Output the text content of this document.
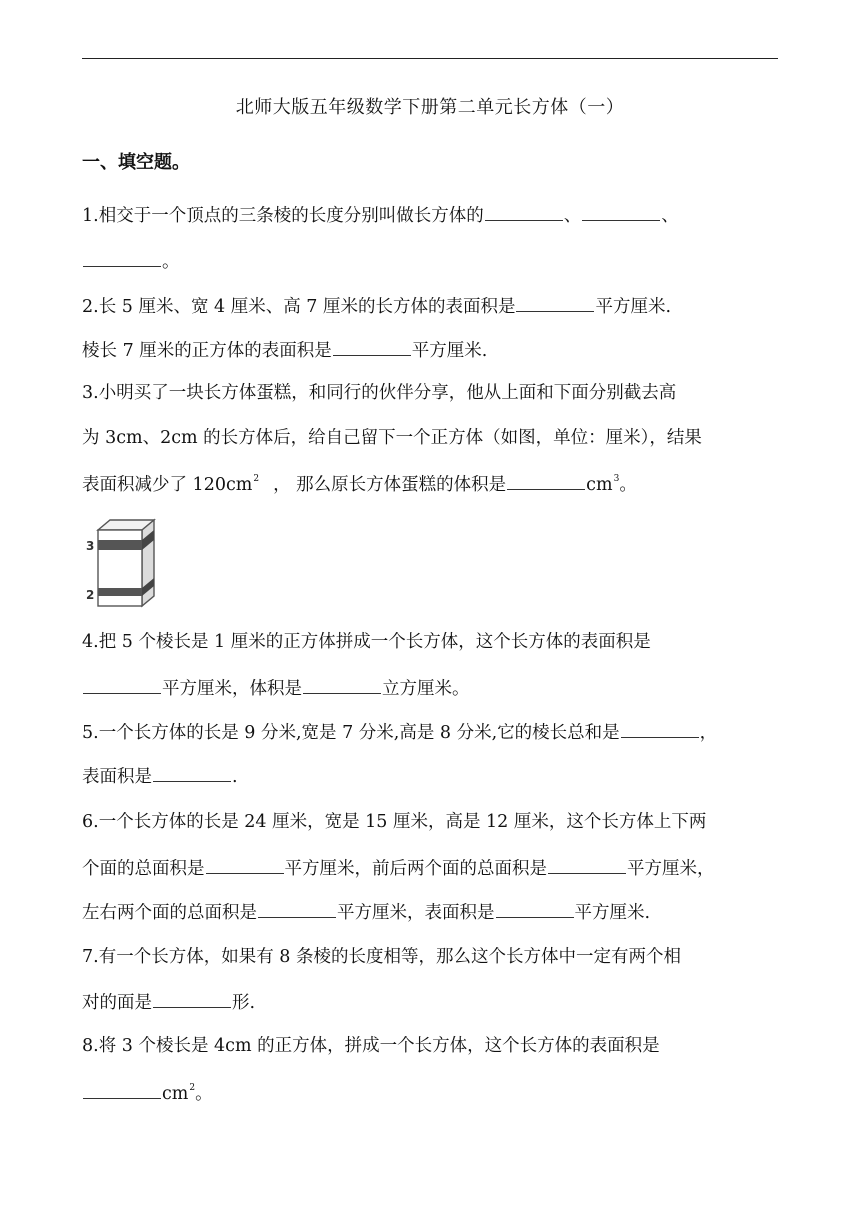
北师大版五年级数学下册第二单元长方体（一）
一、填空题。
1.相交于一个顶点的三条棱的长度分别叫做长方体的	、	、
。
2.长 5 厘米、宽 4 厘米、高 7 厘米的长方体的表面积是	平方厘米.
棱长 7 厘米的正方体的表面积是	平方厘米.
3.小明买了一块长方体蛋糕，和同行的伙伴分享，他从上面和下面分别截去高
为 3cm、2cm 的长方体后，给自己留下一个正方体（如图，单位：厘米），结果
表面积减少了 $120cm^2$ ， 那么原长方体蛋糕的体积是	$cm^3$。
3
2
4.把 5 个棱长是 1 厘米的正方体拼成一个长方体，这个长方体的表面积是
平方厘米，体积是	立方厘米。
5.一个长方体的长是 9 分米,宽是 7 分米,高是 8 分米,它的棱长总和是	，
表面积是	.
6.一个长方体的长是 24 厘米，宽是 15 厘米，高是 12 厘米，这个长方体上下两
个面的总面积是	平方厘米，前后两个面的总面积是	平方厘米，
左右两个面的总面积是	平方厘米，表面积是	平方厘米.
7.有一个长方体，如果有 8 条棱的长度相等，那么这个长方体中一定有两个相
对的面是	形.
8.将 3 个棱长是 4cm 的正方体，拼成一个长方体，这个长方体的表面积是
$cm^2$。
